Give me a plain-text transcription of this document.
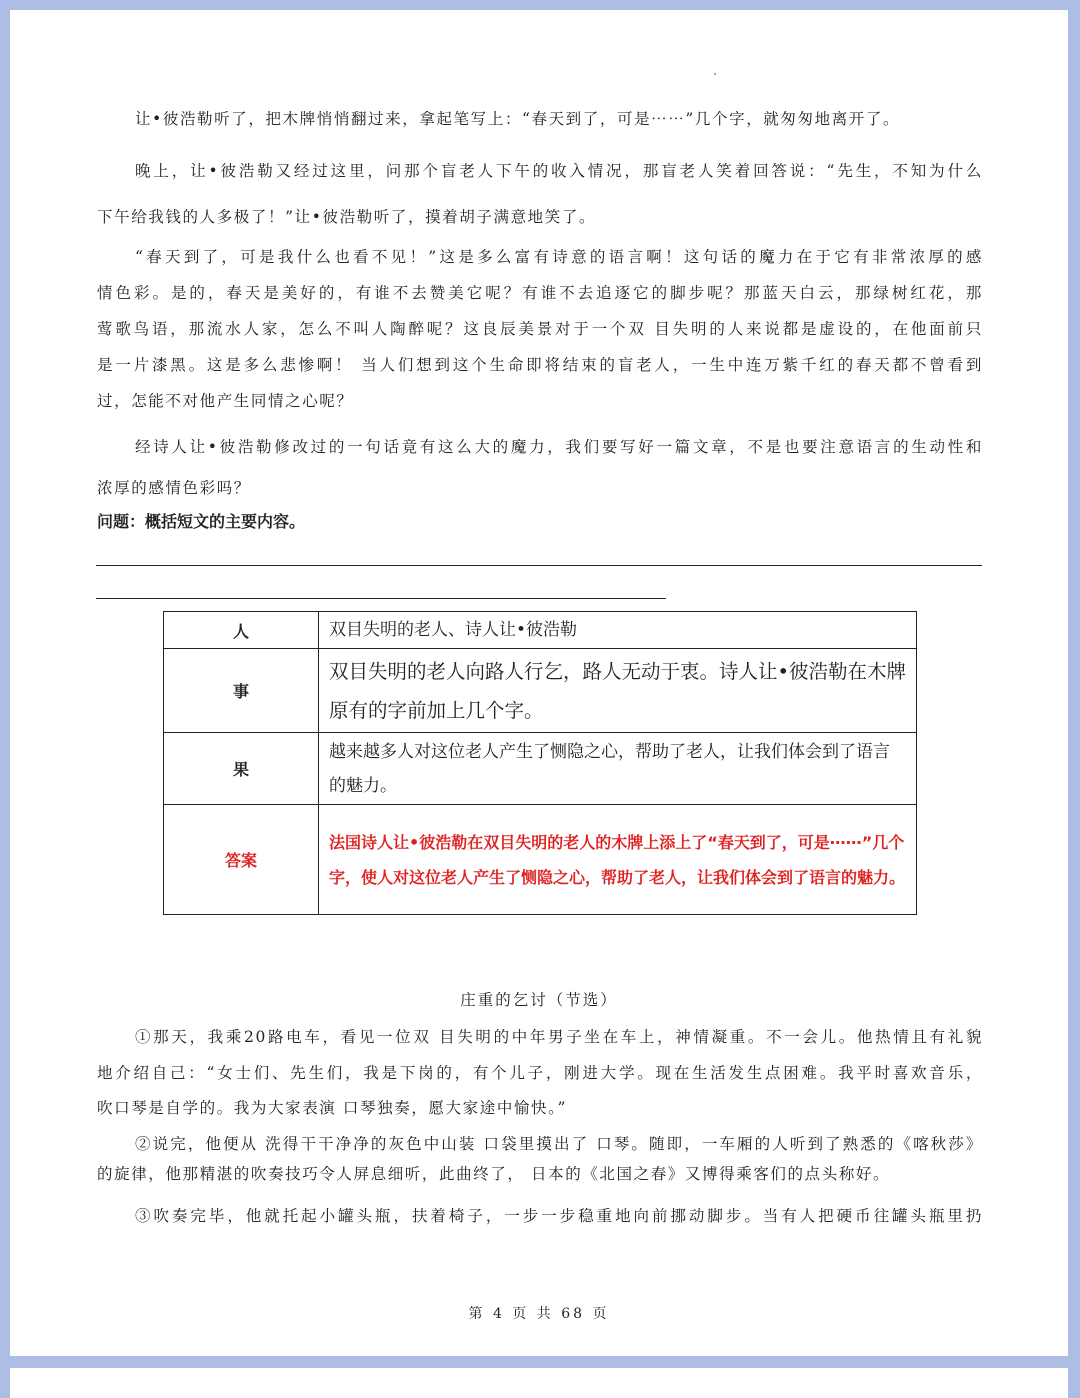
让•彼浩勒听了，把木牌悄悄翻过来，拿起笔写上：“春天到了，可是⋯⋯”几个字，就匆匆地离开了。

晚上，让•彼浩勒又经过这里，问那个盲老人下午的收入情况，那盲老人笑着回答说：“先生，不知为什么

下午给我钱的人多极了！”让•彼浩勒听了，摸着胡子满意地笑了。

“春天到了，可是我什么也看不见！”这是多么富有诗意的语言啊！这句话的魔力在于它有非常浓厚的感

情色彩。是的，春天是美好的，有谁不去赞美它呢？有谁不去追逐它的脚步呢？那蓝天白云，那绿树红花，那

莺歌鸟语，那流水人家，怎么不叫人陶醉呢？这良辰美景对于一个双 目失明的人来说都是虚设的，在他面前只

是一片漆黑。这是多么悲惨啊！ 当人们想到这个生命即将结束的盲老人，一生中连万紫千红的春天都不曾看到

过，怎能不对他产生同情之心呢？

经诗人让•彼浩勒修改过的一句话竟有这么大的魔力，我们要写好一篇文章，不是也要注意语言的生动性和

浓厚的感情色彩吗？

问题：概括短文的主要内容。

人	双目失明的老人、诗人让•彼浩勒
事	双目失明的老人向路人行乞，路人无动于衷。诗人让•彼浩勒在木牌原有的字前加上几个字。
果	越来越多人对这位老人产生了恻隐之心，帮助了老人，让我们体会到了语言的魅力。
答案	法国诗人让•彼浩勒在双目失明的老人的木牌上添上了“春天到了，可是⋯⋯”几个字，使人对这位老人产生了恻隐之心，帮助了老人，让我们体会到了语言的魅力。
庄重的乞讨（节选）

①那天，我乘20路电车，看见一位双 目失明的中年男子坐在车上，神情凝重。不一会儿。他热情且有礼貌

地介绍自己：“女士们、先生们，我是下岗的，有个儿子，刚进大学。现在生活发生点困难。我平时喜欢音乐，

吹口琴是自学的。我为大家表演 口琴独奏，愿大家途中愉快。”

②说完，他便从 洗得干干净净的灰色中山装 口袋里摸出了 口琴。随即，一车厢的人听到了熟悉的《喀秋莎》

的旋律，他那精湛的吹奏技巧令人屏息细听，此曲终了， 日本的《北国之春》又博得乘客们的点头称好。

③吹奏完毕，他就托起小罐头瓶，扶着椅子，一步一步稳重地向前挪动脚步。当有人把硬币往罐头瓶里扔

第 4 页 共 68 页
